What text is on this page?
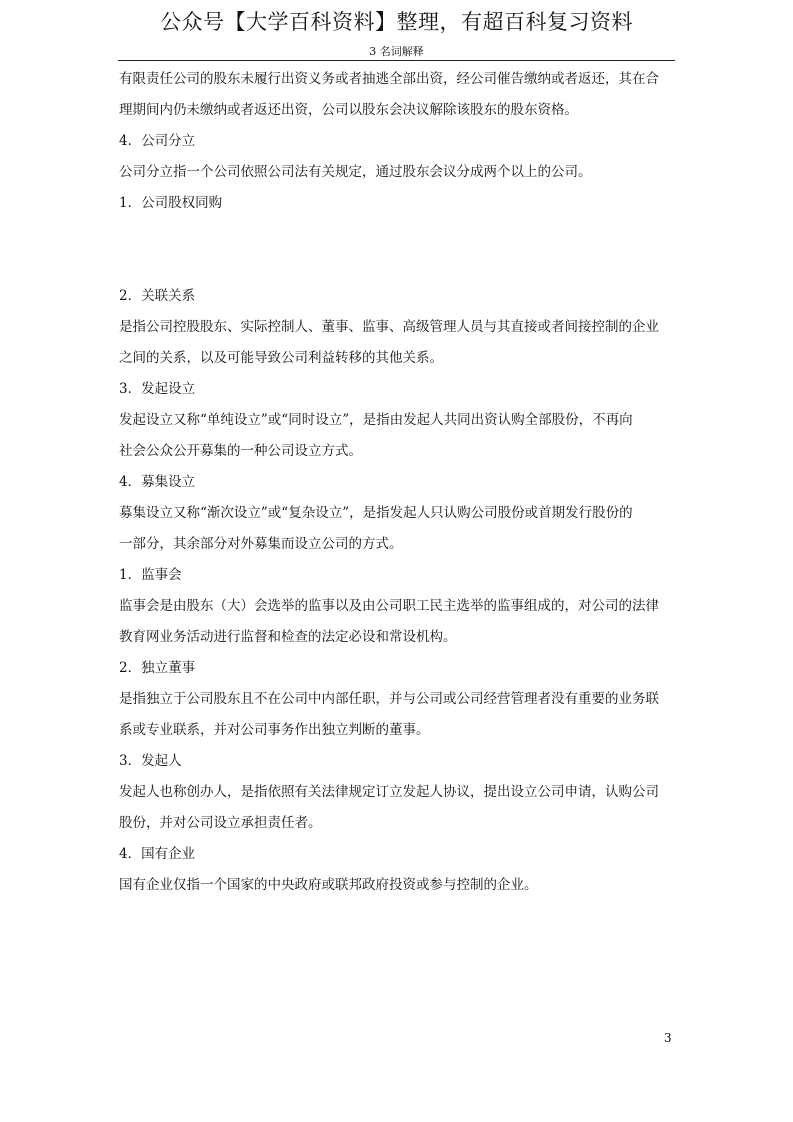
公众号【大学百科资料】整理，有超百科复习资料
3 名词解释
有限责任公司的股东未履行出资义务或者抽逃全部出资，经公司催告缴纳或者返还，其在合
理期间内仍未缴纳或者返还出资，公司以股东会决议解除该股东的股东资格。
4．公司分立
公司分立指一个公司依照公司法有关规定，通过股东会议分成两个以上的公司。
1．公司股权同购
2．关联关系
是指公司控股股东、实际控制人、董事、监事、高级管理人员与其直接或者间接控制的企业
之间的关系，以及可能导致公司利益转移的其他关系。
3．发起设立
发起设立又称“单纯设立”或“同时设立”，是指由发起人共同出资认购全部股份，不再向
社会公众公开募集的一种公司设立方式。
4．募集设立
募集设立又称“渐次设立”或“复杂设立”，是指发起人只认购公司股份或首期发行股份的
一部分，其余部分对外募集而设立公司的方式。
1．监事会
监事会是由股东（大）会选举的监事以及由公司职工民主选举的监事组成的，对公司的法律
教育网业务活动进行监督和检查的法定必设和常设机构。
2．独立董事
是指独立于公司股东且不在公司中内部任职，并与公司或公司经营管理者没有重要的业务联
系或专业联系，并对公司事务作出独立判断的董事。
3．发起人
发起人也称创办人，是指依照有关法律规定订立发起人协议，提出设立公司申请，认购公司
股份，并对公司设立承担责任者。
4．国有企业
国有企业仅指一个国家的中央政府或联邦政府投资或参与控制的企业。
3
